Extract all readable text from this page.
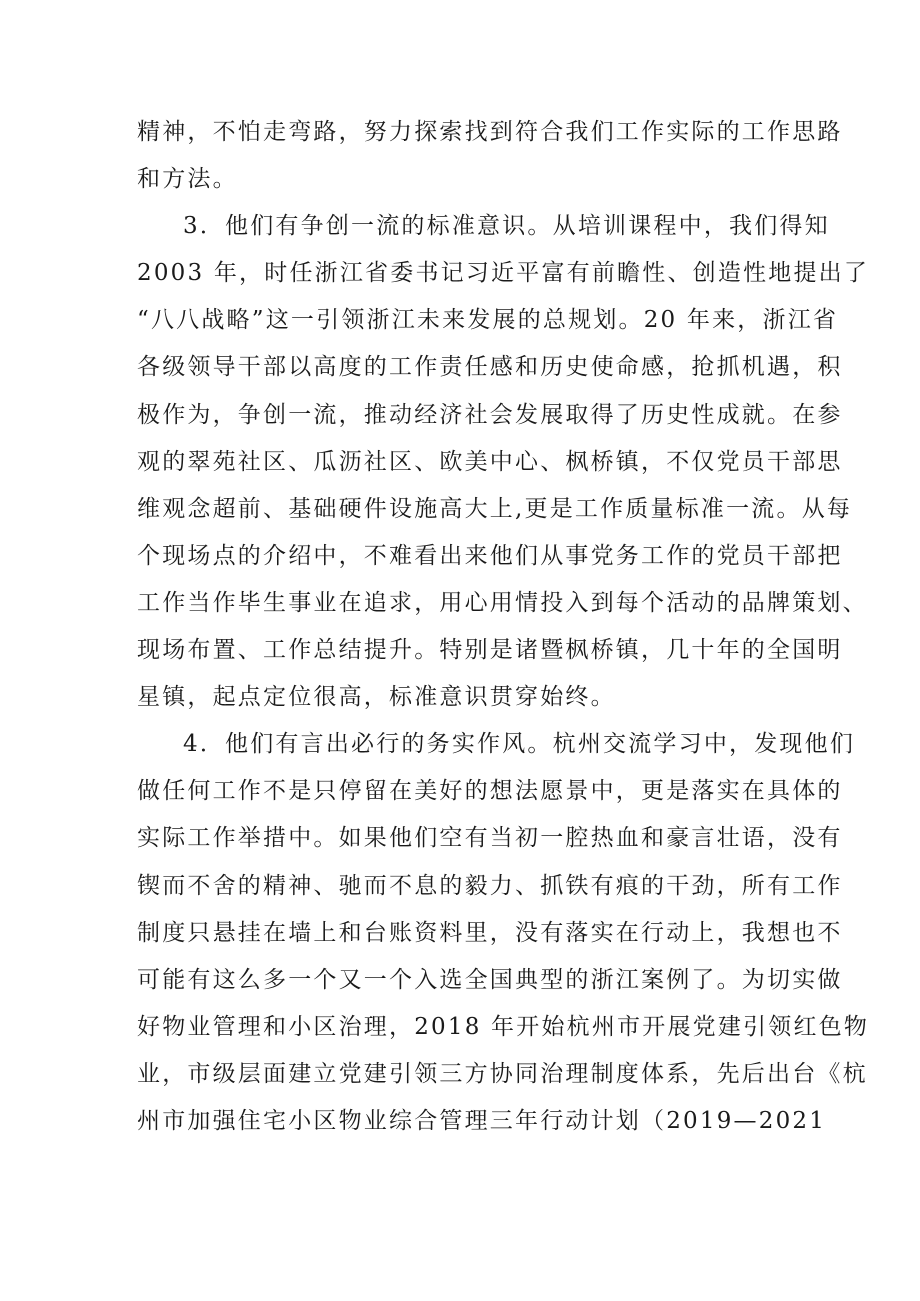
精神，不怕走弯路，努力探索找到符合我们工作实际的工作思路
和方法。
3．他们有争创一流的标准意识。从培训课程中，我们得知
2003 年，时任浙江省委书记习近平富有前瞻性、创造性地提出了
“八八战略”这一引领浙江未来发展的总规划。20 年来，浙江省
各级领导干部以高度的工作责任感和历史使命感，抢抓机遇，积
极作为，争创一流，推动经济社会发展取得了历史性成就。在参
观的翠苑社区、瓜沥社区、欧美中心、枫桥镇，不仅党员干部思
维观念超前、基础硬件设施高大上,更是工作质量标准一流。从每
个现场点的介绍中，不难看出来他们从事党务工作的党员干部把
工作当作毕生事业在追求，用心用情投入到每个活动的品牌策划、
现场布置、工作总结提升。特别是诸暨枫桥镇，几十年的全国明
星镇，起点定位很高，标准意识贯穿始终。
4．他们有言出必行的务实作风。杭州交流学习中，发现他们
做任何工作不是只停留在美好的想法愿景中，更是落实在具体的
实际工作举措中。如果他们空有当初一腔热血和豪言壮语，没有
锲而不舍的精神、驰而不息的毅力、抓铁有痕的干劲，所有工作
制度只悬挂在墙上和台账资料里，没有落实在行动上，我想也不
可能有这么多一个又一个入选全国典型的浙江案例了。为切实做
好物业管理和小区治理，2018 年开始杭州市开展党建引领红色物
业，市级层面建立党建引领三方协同治理制度体系，先后出台《杭
州市加强住宅小区物业综合管理三年行动计划（2019—2021
